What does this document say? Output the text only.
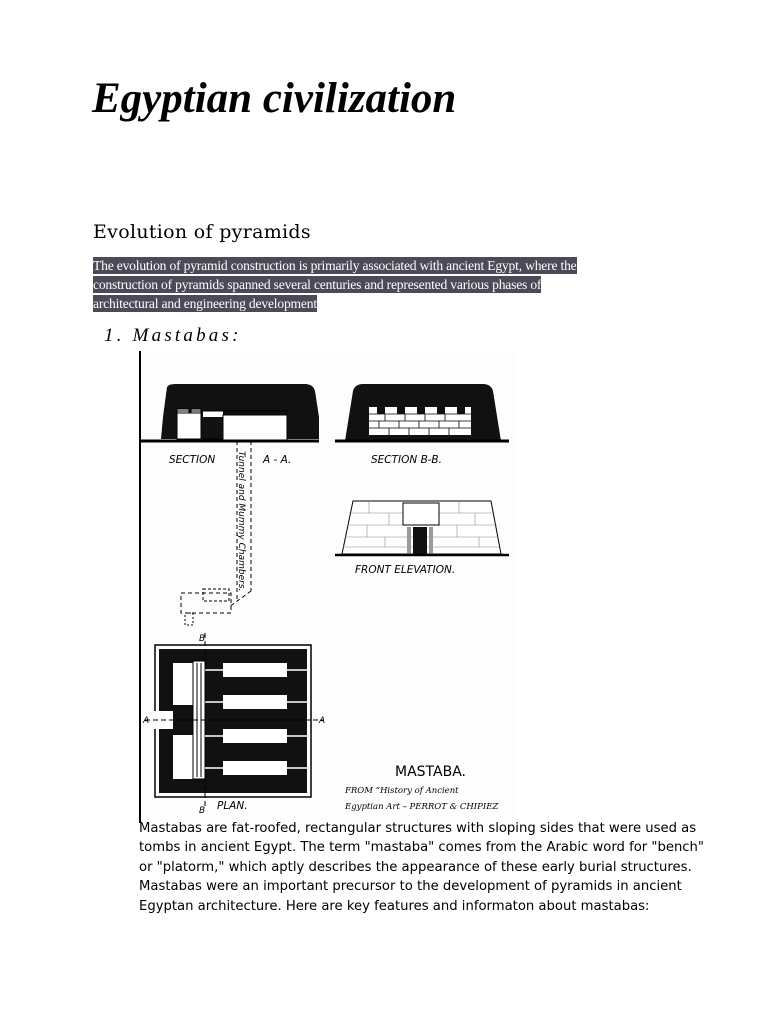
Egyptian civilization
Evolution of pyramids

The evolution of pyramid construction is primarily associated with ancient Egypt, where the
construction of pyramids spanned several centuries and represented various phases of
architectural and engineering development

1. Mastabas:

SECTION	A - A.
Tunnel and Mummy Chambers.	SECTION B-B.
FRONT ELEVATION.
B
B
A	A
PLAN.
MASTABA.
FROM “History of Ancient
Egyptian Art – PERROT & CHIPIEZ

Mastabas are fat-roofed, rectangular structures with sloping sides that were used as
tombs in ancient Egypt. The term "mastaba" comes from the Arabic word for "bench"
or "platorm," which aptly describes the appearance of these early burial structures.
Mastabas were an important precursor to the development of pyramids in ancient
Egyptan architecture. Here are key features and informaton about mastabas:
